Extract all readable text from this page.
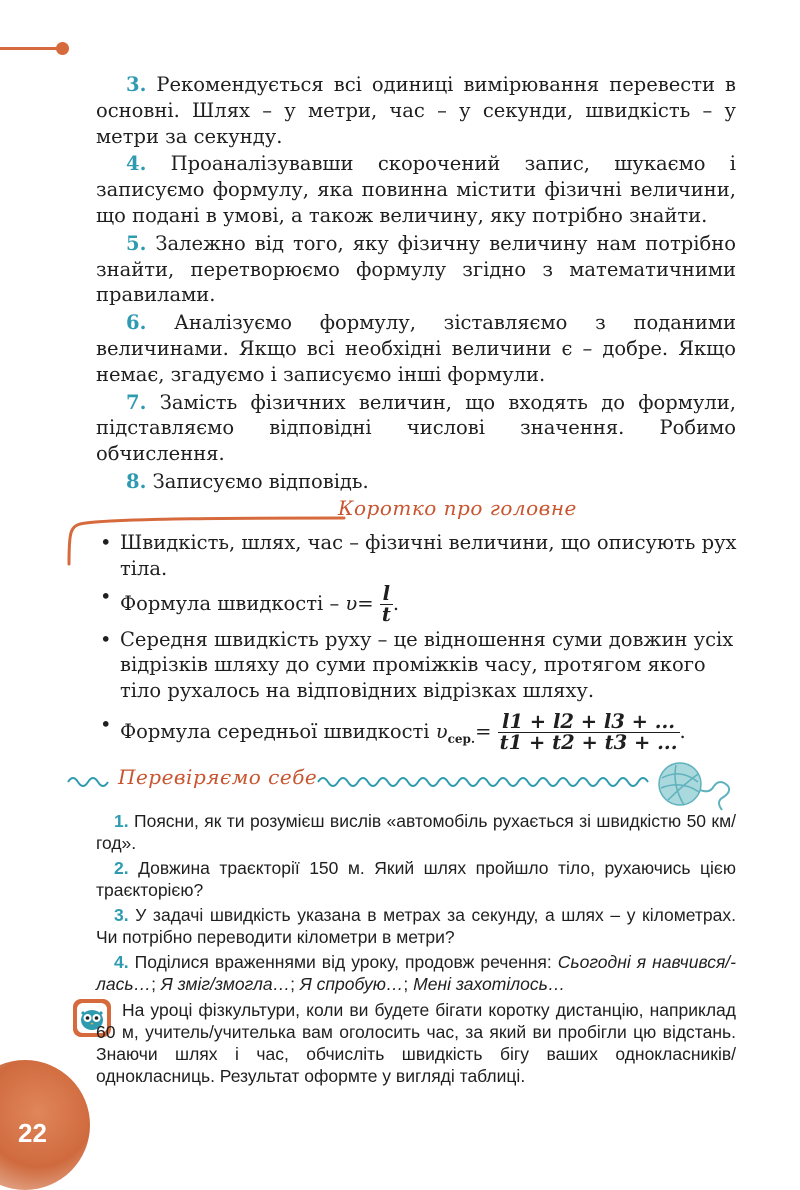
3. Рекомендується всі одиниці вимірювання перевести в основні. Шлях – у метри, час – у секунди, швидкість – у метри за секунду.

4. Проаналізувавши скорочений запис, шукаємо і записуємо формулу, яка повинна містити фізичні величини, що подані в умові, а також величину, яку потрібно знайти.

5. Залежно від того, яку фізичну величину нам потрібно знайти, перетворюємо формулу згідно з математичними правилами.

6. Аналізуємо формулу, зіставляємо з поданими величинами. Якщо всі необхідні величини є – добре. Якщо немає, згадуємо і записуємо інші формули.

7. Замість фізичних величин, що входять до формули, підставляємо відповідні числові значення. Робимо обчислення.

8. Записуємо відповідь.

Коротко про головне
• Швидкість, шлях, час – фізичні величини, що описують рух тіла.
• Формула швидкості – $\upsilon= \frac{l}{t}$ .
• Середня швидкість руху – це відношення суми довжин усіх відрізків шляху до суми проміжків часу, протягом якого тіло рухалось на відповідних відрізках шляху.
• Формула середньої швидкості $\upsilon_{сер.}= \frac{l1 + l2 + l3 + ...}{t1 + t2 + t3 + ...}$ .
Перевіряємо себе

1. Поясни, як ти розумієш вислів «автомобіль рухається зі швидкістю 50 км/год».

2. Довжина траєкторії 150 м. Який шлях пройшло тіло, рухаючись цією траєкторією?

3. У задачі швидкість указана в метрах за секунду, а шлях – у кілометрах. Чи потрібно переводити кілометри в метри?

4. Поділися враженнями від уроку, продовж речення: Сьогодні я навчився/-лась…; Я зміг/змогла…; Я спробую…; Мені захотілось…

На уроці фізкультури, коли ви будете бігати коротку дистанцію, наприклад 60 м, учитель/учителька вам оголосить час, за який ви пробігли цю відстань. Знаючи шлях і час, обчисліть швидкість бігу ваших однокласників/однокласниць. Результат оформте у вигляді таблиці.
22
